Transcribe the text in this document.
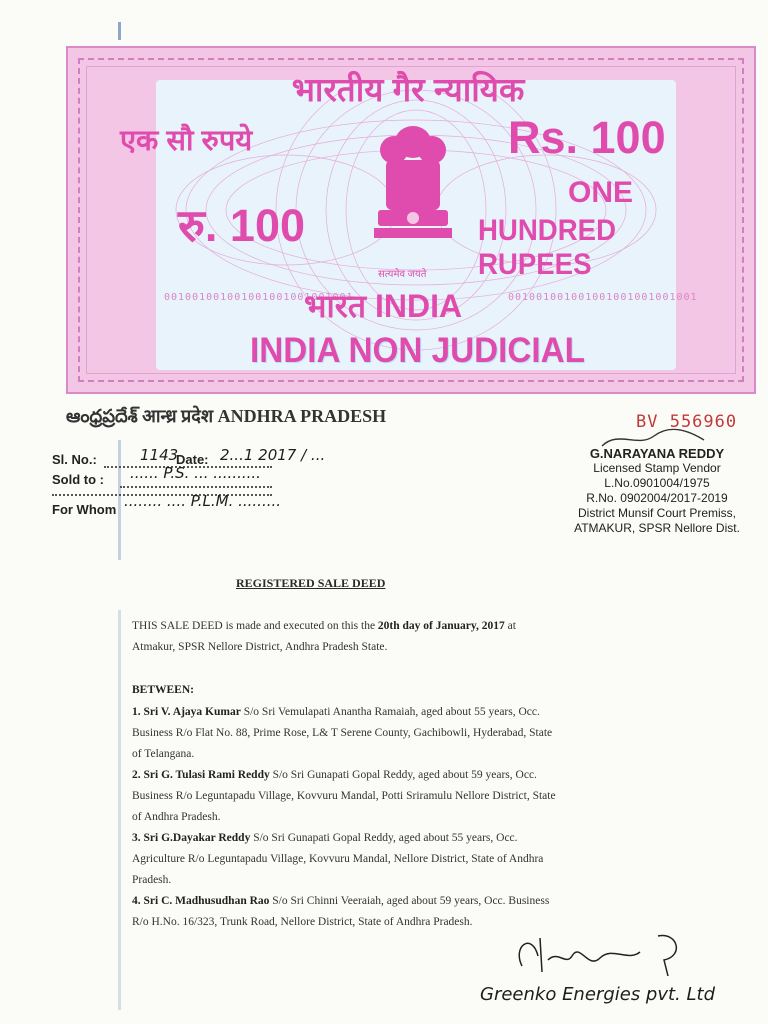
भारतीय गैर न्यायिक
एक सौ रुपये	Rs. 100
रु. 100
ONE
HUNDRED RUPEES
सत्यमेव जयते
001001001001001001001001001	001001001001001001001001001
भारत INDIA
INDIA NON JUDICIAL
ఆంధ్రప్రదేశ్ आन्ध्र प्रदेश ANDHRA PRADESH	BV 556960
Sl. No.:	1143
Date: 2...1 2017 / ...
Sold to : ...... P.S. ... ..........
For Whom ........ .... P.L.M. .........
G.NARAYANA REDDY
Licensed Stamp Vendor
L.No.0901004/1975
R.No. 0902004/2017-2019
District Munsif Court Premiss,
ATMAKUR, SPSR Nellore Dist.
REGISTERED SALE DEED
THIS SALE DEED is made and executed on this the 20th day of January, 2017 at
Atmakur, SPSR Nellore District, Andhra Pradesh State.
BETWEEN:
1. Sri V. Ajaya Kumar S/o Sri Vemulapati Anantha Ramaiah, aged about 55 years, Occ.
Business R/o Flat No. 88, Prime Rose, L& T Serene County, Gachibowli, Hyderabad, State
of Telangana.
2. Sri G. Tulasi Rami Reddy S/o Sri Gunapati Gopal Reddy, aged about 59 years, Occ.
Business R/o Leguntapadu Village, Kovvuru Mandal, Potti Sriramulu Nellore District, State
of Andhra Pradesh.
3. Sri G.Dayakar Reddy S/o Sri Gunapati Gopal Reddy, aged about 55 years, Occ.
Agriculture R/o Leguntapadu Village, Kovvuru Mandal, Nellore District, State of Andhra
Pradesh.
4. Sri C. Madhusudhan Rao S/o Sri Chinni Veeraiah, aged about 59 years, Occ. Business
R/o H.No. 16/323, Trunk Road, Nellore District, State of Andhra Pradesh.
Greenko Energies pvt. Ltd
